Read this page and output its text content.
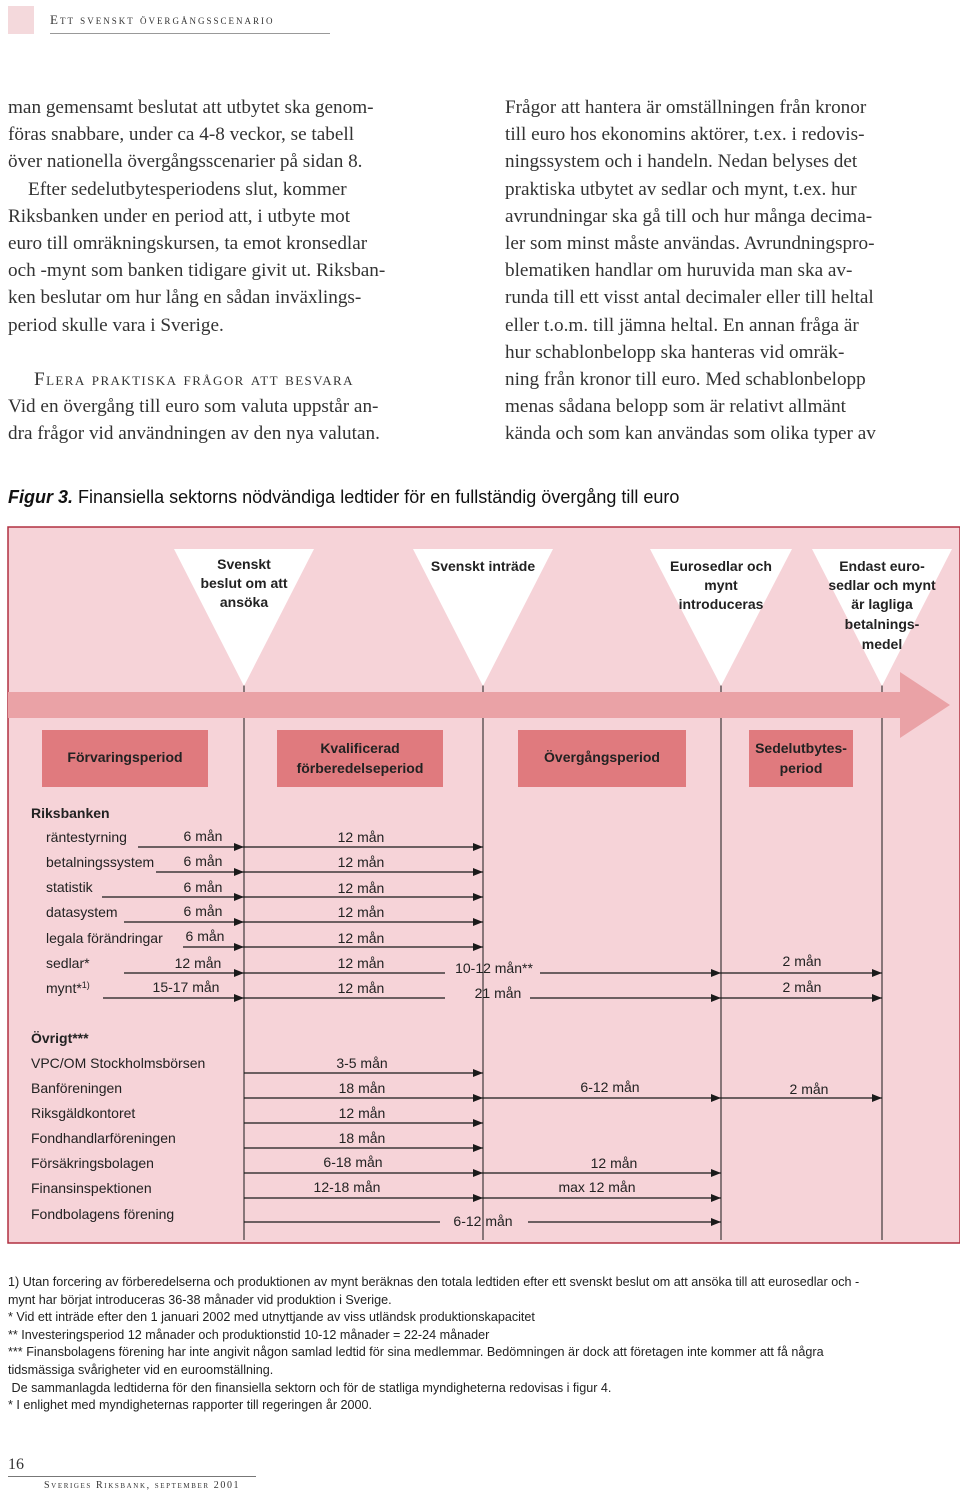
Ett svenskt övergångsscenario

man gemensamt beslutat att utbytet ska genom-

föras snabbare, under ca 4-8 veckor, se tabell

över nationella övergångsscenarier på sidan 8.

Efter sedelutbytesperiodens slut, kommer

Riksbanken under en period att, i utbyte mot

euro till omräkningskursen, ta emot kronsedlar

och -mynt som banken tidigare givit ut. Riksban-

ken beslutar om hur lång en sådan inväxlings-

period skulle vara i Sverige.

Flera praktiska frågor att besvara

Vid en övergång till euro som valuta uppstår an-

dra frågor vid användningen av den nya valutan.

Frågor att hantera är omställningen från kronor

till euro hos ekonomins aktörer, t.ex. i redovis-

ningssystem och i handeln. Nedan belyses det

praktiska utbytet av sedlar och mynt, t.ex. hur

avrundningar ska gå till och hur många decima-

ler som minst måste användas. Avrundningspro-

blematiken handlar om huruvida man ska av-

runda till ett visst antal decimaler eller till heltal

eller t.o.m. till jämna heltal. En annan fråga är

hur schablonbelopp ska hanteras vid omräk-

ning från kronor till euro. Med schablonbelopp

menas sådana belopp som är relativt allmänt

kända och som kan användas som olika typer av

Figur 3. Finansiella sektorns nödvändiga ledtider för en fullständig övergång till euro
Svenskt beslut om att ansöka
Svenskt inträde	Eurosedlar och mynt introduceras
Endast euro-sedlar och mynt är lagliga betalnings-medel
Förvaringsperiod
Kvalificerad förberedelseperiod
Övergångsperiod
Sedelutbytes-period
Riksbanken
räntestyrning	6 mån	12 mån
betalningssystem 6 mån	12 mån
statistik	6 mån	12 mån
datasystem	6 mån	12 mån
legala förändringar 6 mån	12 mån
sedlar*	12 mån	12 mån	10-12 mån**	2 mån
mynt*$^{1)}$	15-17 mån	12 mån	21 mån	2 mån
Övrigt***
VPC/OM Stockholmsbörsen	3-5 mån
Banföreningen	18 mån	6-12 mån	2 mån
Riksgäldkontoret	12 mån
Fondhandlarföreningen	18 mån
Försäkringsbolagen	6-18 mån	12 mån
Finansinspektionen	12-18 mån	max 12 mån
Fondbolagens förening	6-12 mån

1) Utan forcering av förberedelserna och produktionen av mynt beräknas den totala ledtiden efter ett svenskt beslut om att ansöka till att eurosedlar och -

mynt har börjat introduceras 36-38 månader vid produktion i Sverige.

* Vid ett inträde efter den 1 januari 2002 med utnyttjande av viss utländsk produktionskapacitet

** Investeringsperiod 12 månader och produktionstid 10-12 månader = 22-24 månader

*** Finansbolagens förening har inte angivit någon samlad ledtid för sina medlemmar. Bedömningen är dock att företagen inte kommer att få några

tidsmässiga svårigheter vid en euroomställning.

De sammanlagda ledtiderna för den finansiella sektorn och för de statliga myndigheterna redovisas i figur 4.

* I enlighet med myndigheternas rapporter till regeringen år 2000.

16
Sveriges Riksbank, september 2001
